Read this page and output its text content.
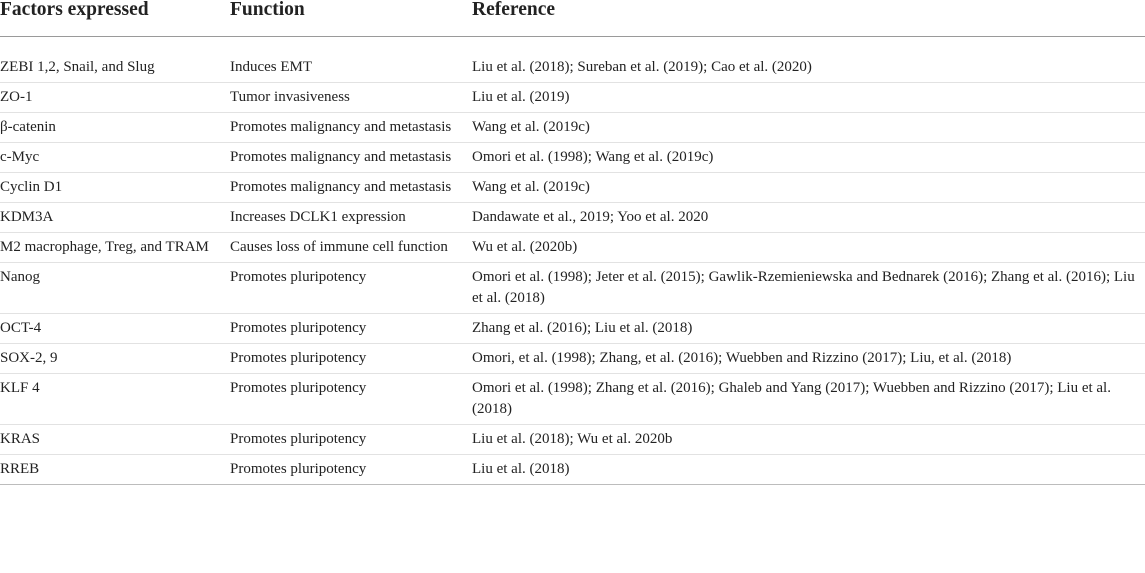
Factors expressed	Function	Reference

ZEBI 1,2, Snail, and Slug	Induces EMT	Liu et al. (2018); Sureban et al. (2019); Cao et al. (2020)
ZO-1	Tumor invasiveness	Liu et al. (2019)
β-catenin	Promotes malignancy and metastasis	Wang et al. (2019c)
c-Myc	Promotes malignancy and metastasis	Omori et al. (1998); Wang et al. (2019c)
Cyclin D1	Promotes malignancy and metastasis	Wang et al. (2019c)
KDM3A	Increases DCLK1 expression	Dandawate et al., 2019; Yoo et al. 2020
M2 macrophage, Treg, and TRAM	Causes loss of immune cell function	Wu et al. (2020b)
Nanog	Promotes pluripotency	Omori et al. (1998); Jeter et al. (2015); Gawlik-Rzemieniewska and Bednarek (2016); Zhang et al. (2016); Liu et al. (2018)
OCT-4	Promotes pluripotency	Zhang et al. (2016); Liu et al. (2018)
SOX-2, 9	Promotes pluripotency	Omori, et al. (1998); Zhang, et al. (2016); Wuebben and Rizzino (2017); Liu, et al. (2018)
KLF 4	Promotes pluripotency	Omori et al. (1998); Zhang et al. (2016); Ghaleb and Yang (2017); Wuebben and Rizzino (2017); Liu et al. (2018)
KRAS	Promotes pluripotency	Liu et al. (2018); Wu et al. 2020b
RREB	Promotes pluripotency	Liu et al. (2018)
